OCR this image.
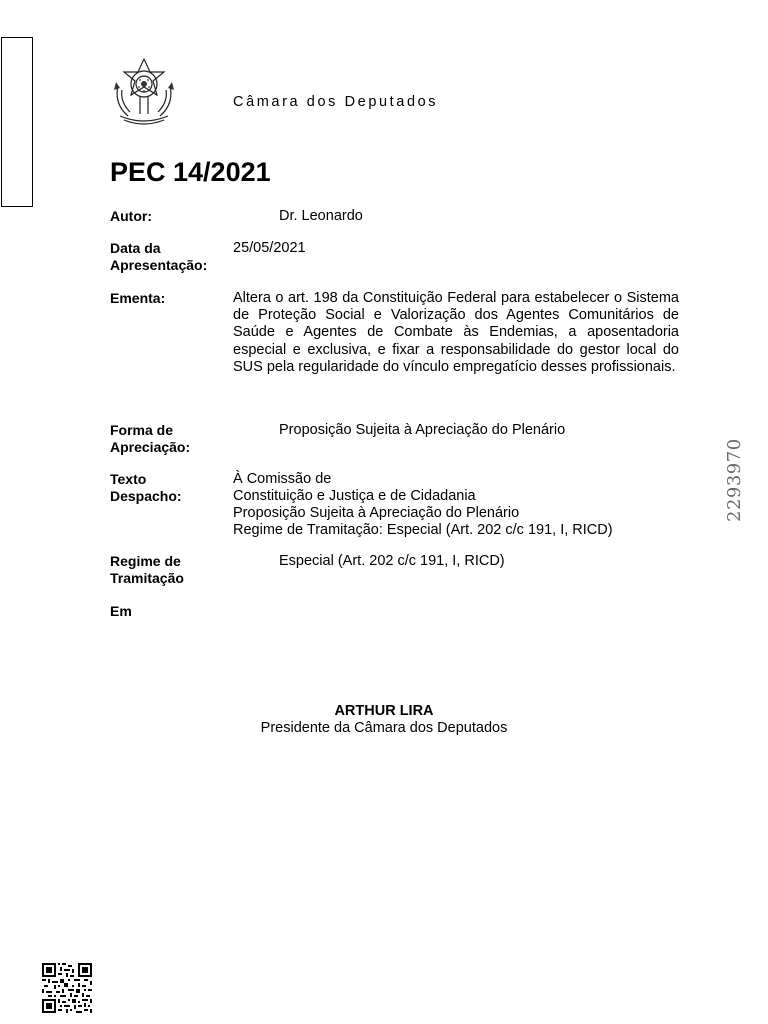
Câmara dos Deputados
PEC 14/2021
Autor:	Dr. Leonardo
Data da
Apresentação:
25/05/2021
Ementa:	Altera o art. 198 da Constituição Federal para estabelecer o Sistema de Proteção Social e Valorização dos Agentes Comunitários de Saúde e Agentes de Combate às Endemias, a aposentadoria especial e exclusiva, e fixar a responsabilidade do gestor local do SUS pela regularidade do vínculo empregatício desses profissionais.

Forma de
Apreciação:
Proposição Sujeita à Apreciação do Plenário
Texto
Despacho:
À Comissão de
Constituição e Justiça e de Cidadania
Proposição Sujeita à Apreciação do Plenário
Regime de Tramitação: Especial (Art. 202 c/c 191, I, RICD)
Regime de
Tramitação
Especial (Art. 202 c/c 191, I, RICD)
Em
2293970
ARTHUR LIRA
Presidente da Câmara dos Deputados
